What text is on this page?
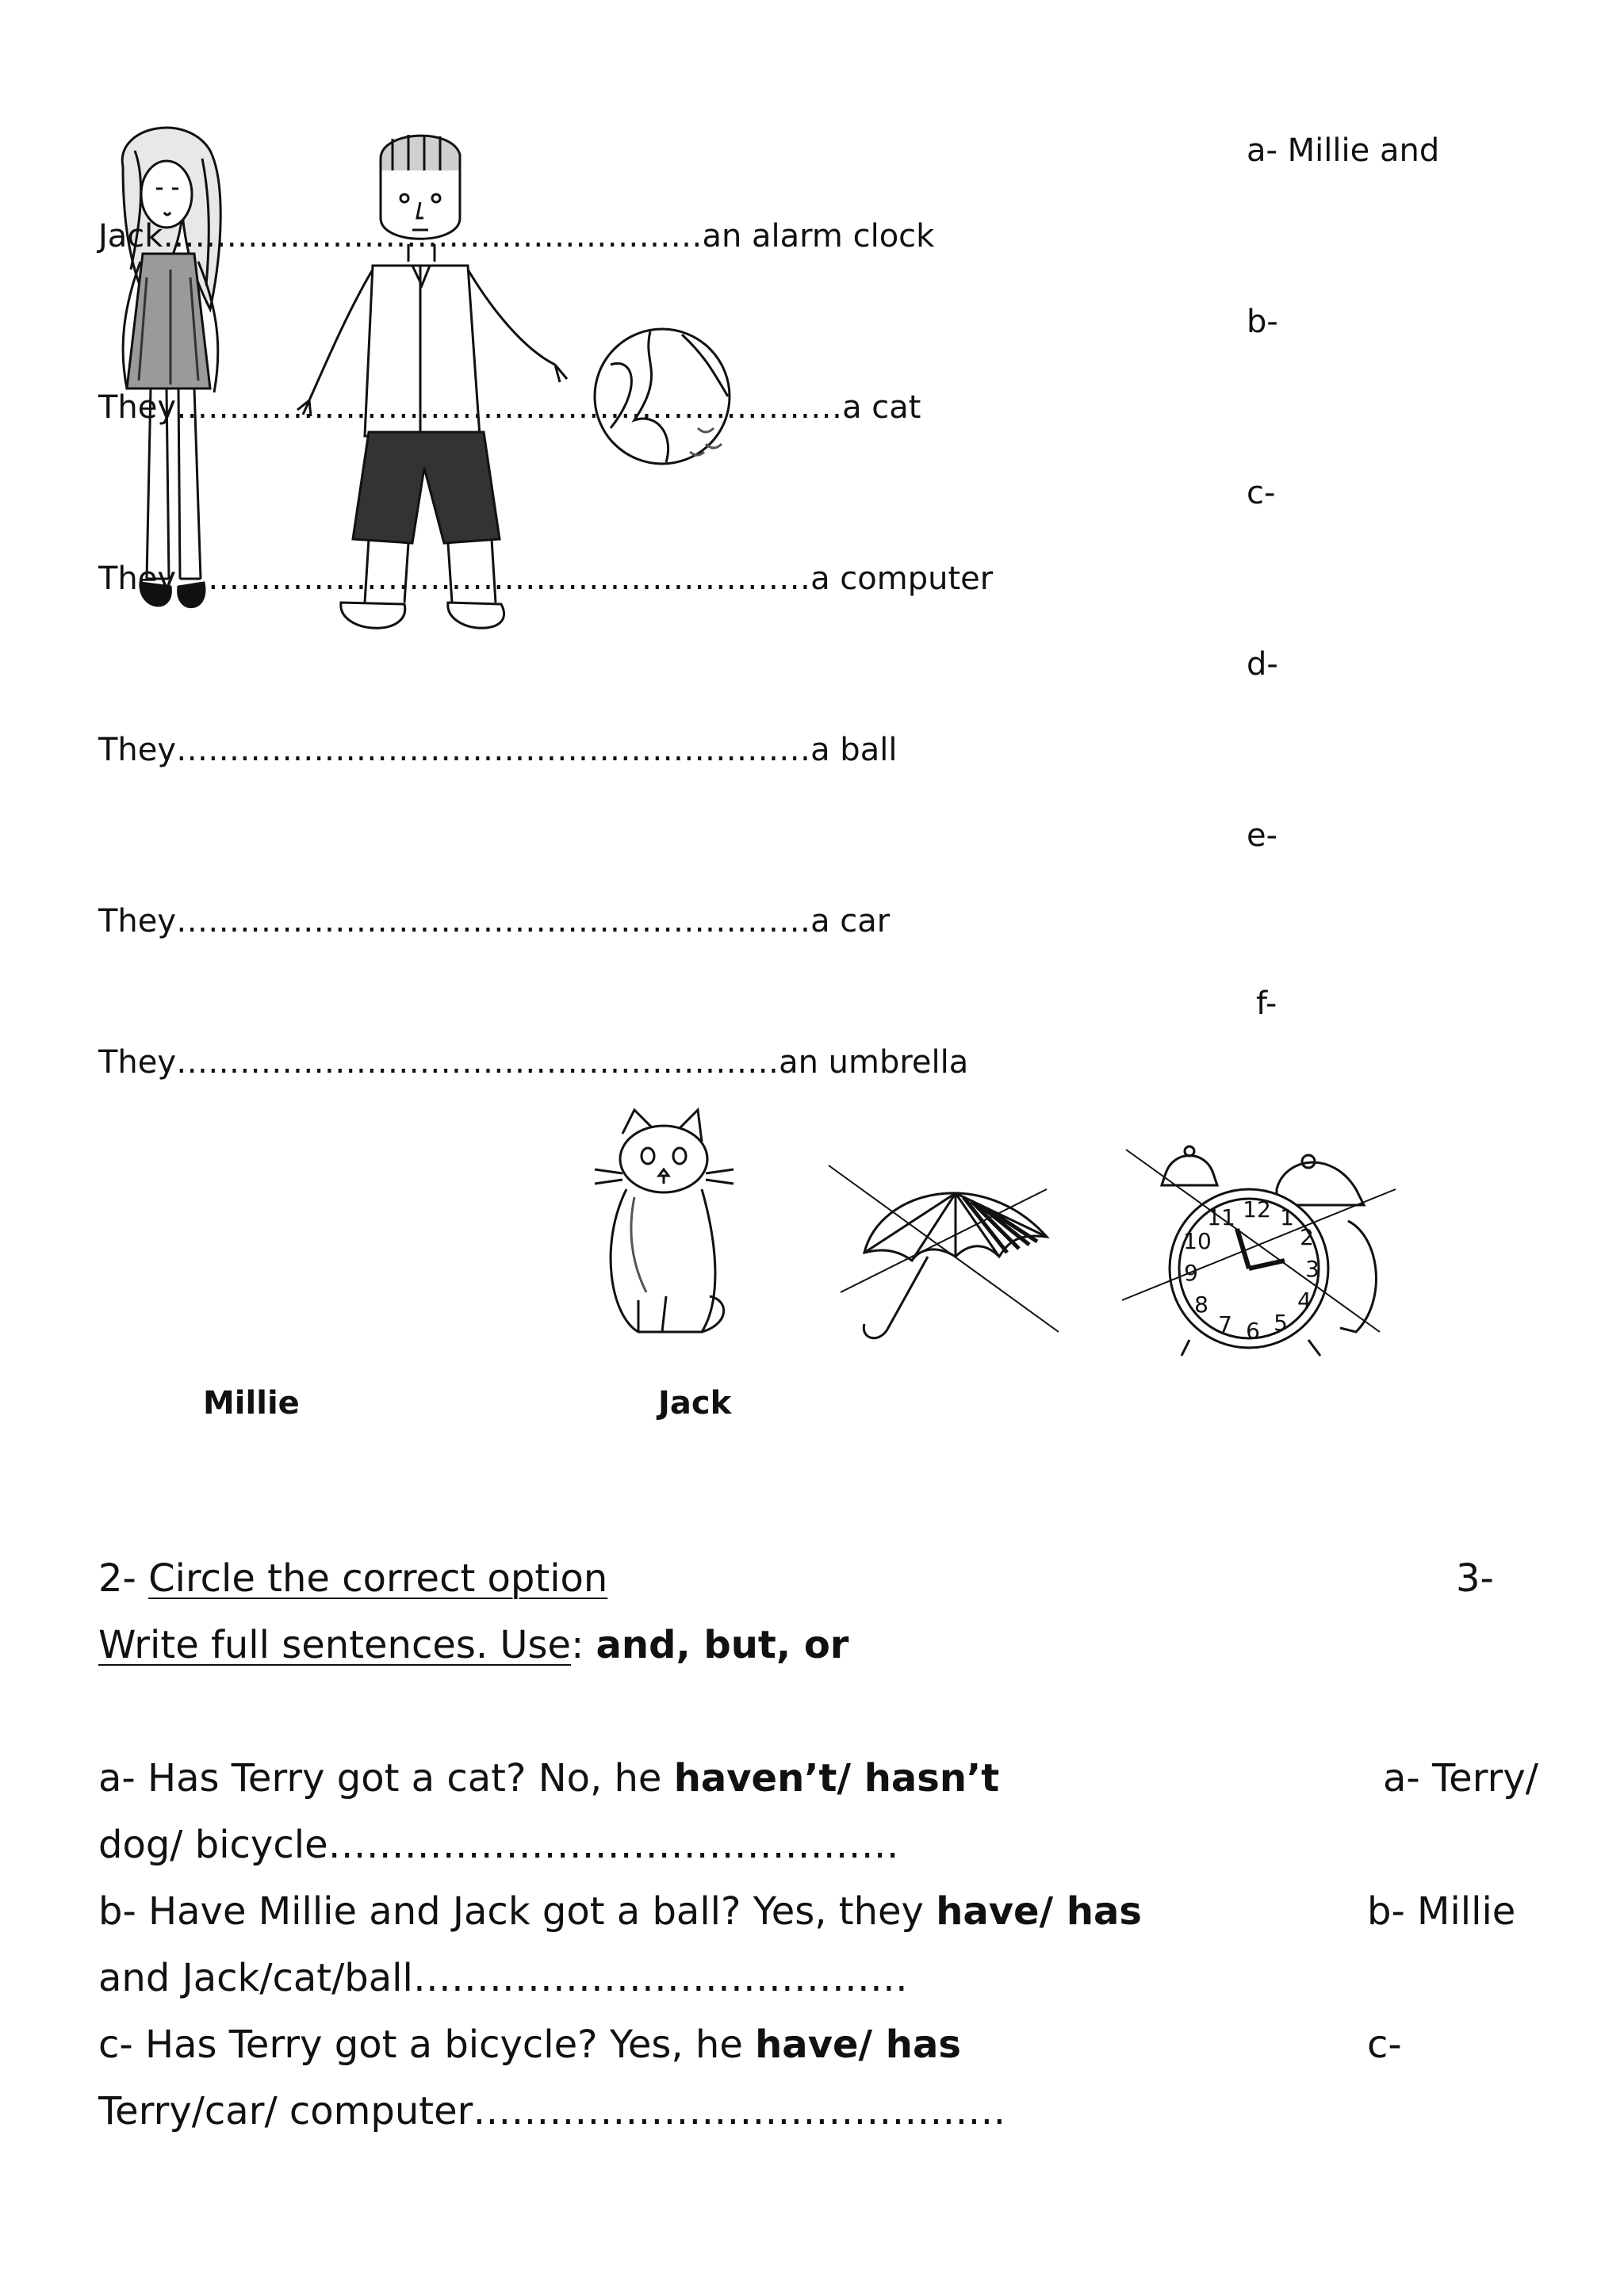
12 1
2
3
4
5
6
7
8
9
10
11
a- Millie and
b-
c-
d-
e-
f-
Jack……………………………………………an alarm clock
They………………………………………………………a cat
They……………………………………………………a computer
They……………………………………………………a ball
They……………………………………………………a car
They…………………………………………………an umbrella
Millie	Jack
2- Circle the correct option	3-
Write full sentences. Use: and, but, or
a- Has Terry got a cat? No, he haven’t/ hasn’t	a- Terry/
dog/ bicycle………………………………………
b- Have Millie and Jack got a ball? Yes, they have/ has	b- Millie
and Jack/cat/ball…………………………………
c- Has Terry got a bicycle? Yes, he have/ has	c-
Terry/car/ computer……………………………………
